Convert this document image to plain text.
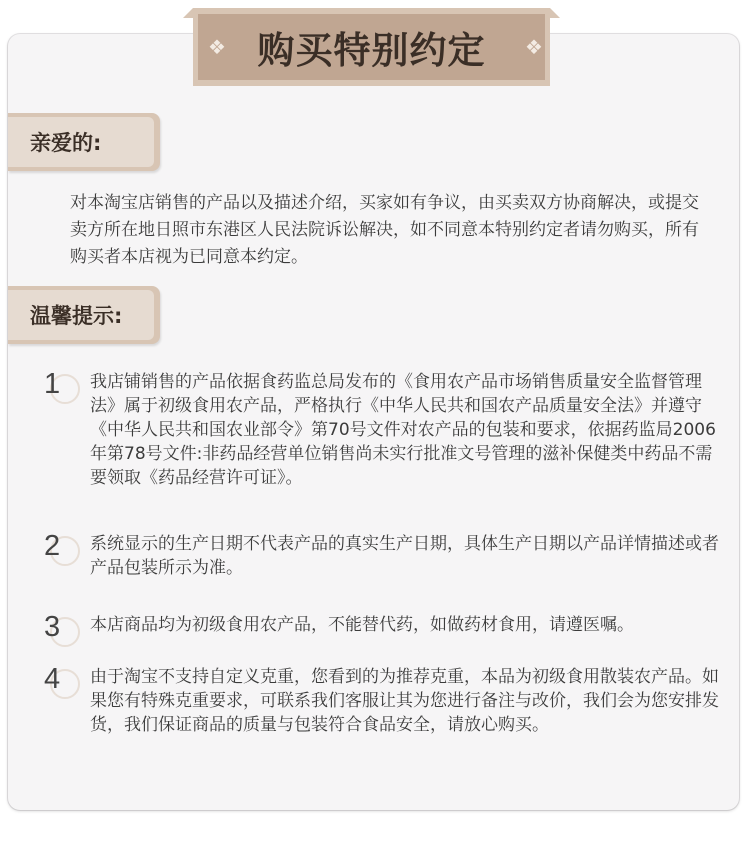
购买特别约定
❖	❖
亲爱的:
对本淘宝店销售的产品以及描述介绍，买家如有争议，由买卖双方协商解决，或提交卖方所在地日照市东港区人民法院诉讼解决，如不同意本特别约定者请勿购买，所有购买者本店视为已同意本约定。
温馨提示:
1 我店铺销售的产品依据食药监总局发布的《食用农产品市场销售质量安全监督管理法》属于初级食用农产品，严格执行《中华人民共和国农产品质量安全法》并遵守《中华人民共和国农业部令》第70号文件对农产品的包装和要求，依据药监局2006年第78号文件:非药品经营单位销售尚未实行批准文号管理的滋补保健类中药品不需要领取《药品经营许可证》。
2 系统显示的生产日期不代表产品的真实生产日期，具体生产日期以产品详情描述或者产品包装所示为准。
3 本店商品均为初级食用农产品，不能替代药，如做药材食用，请遵医嘱。
4 由于淘宝不支持自定义克重，您看到的为推荐克重，本品为初级食用散装农产品。如果您有特殊克重要求，可联系我们客服让其为您进行备注与改价，我们会为您安排发货，我们保证商品的质量与包装符合食品安全，请放心购买。
